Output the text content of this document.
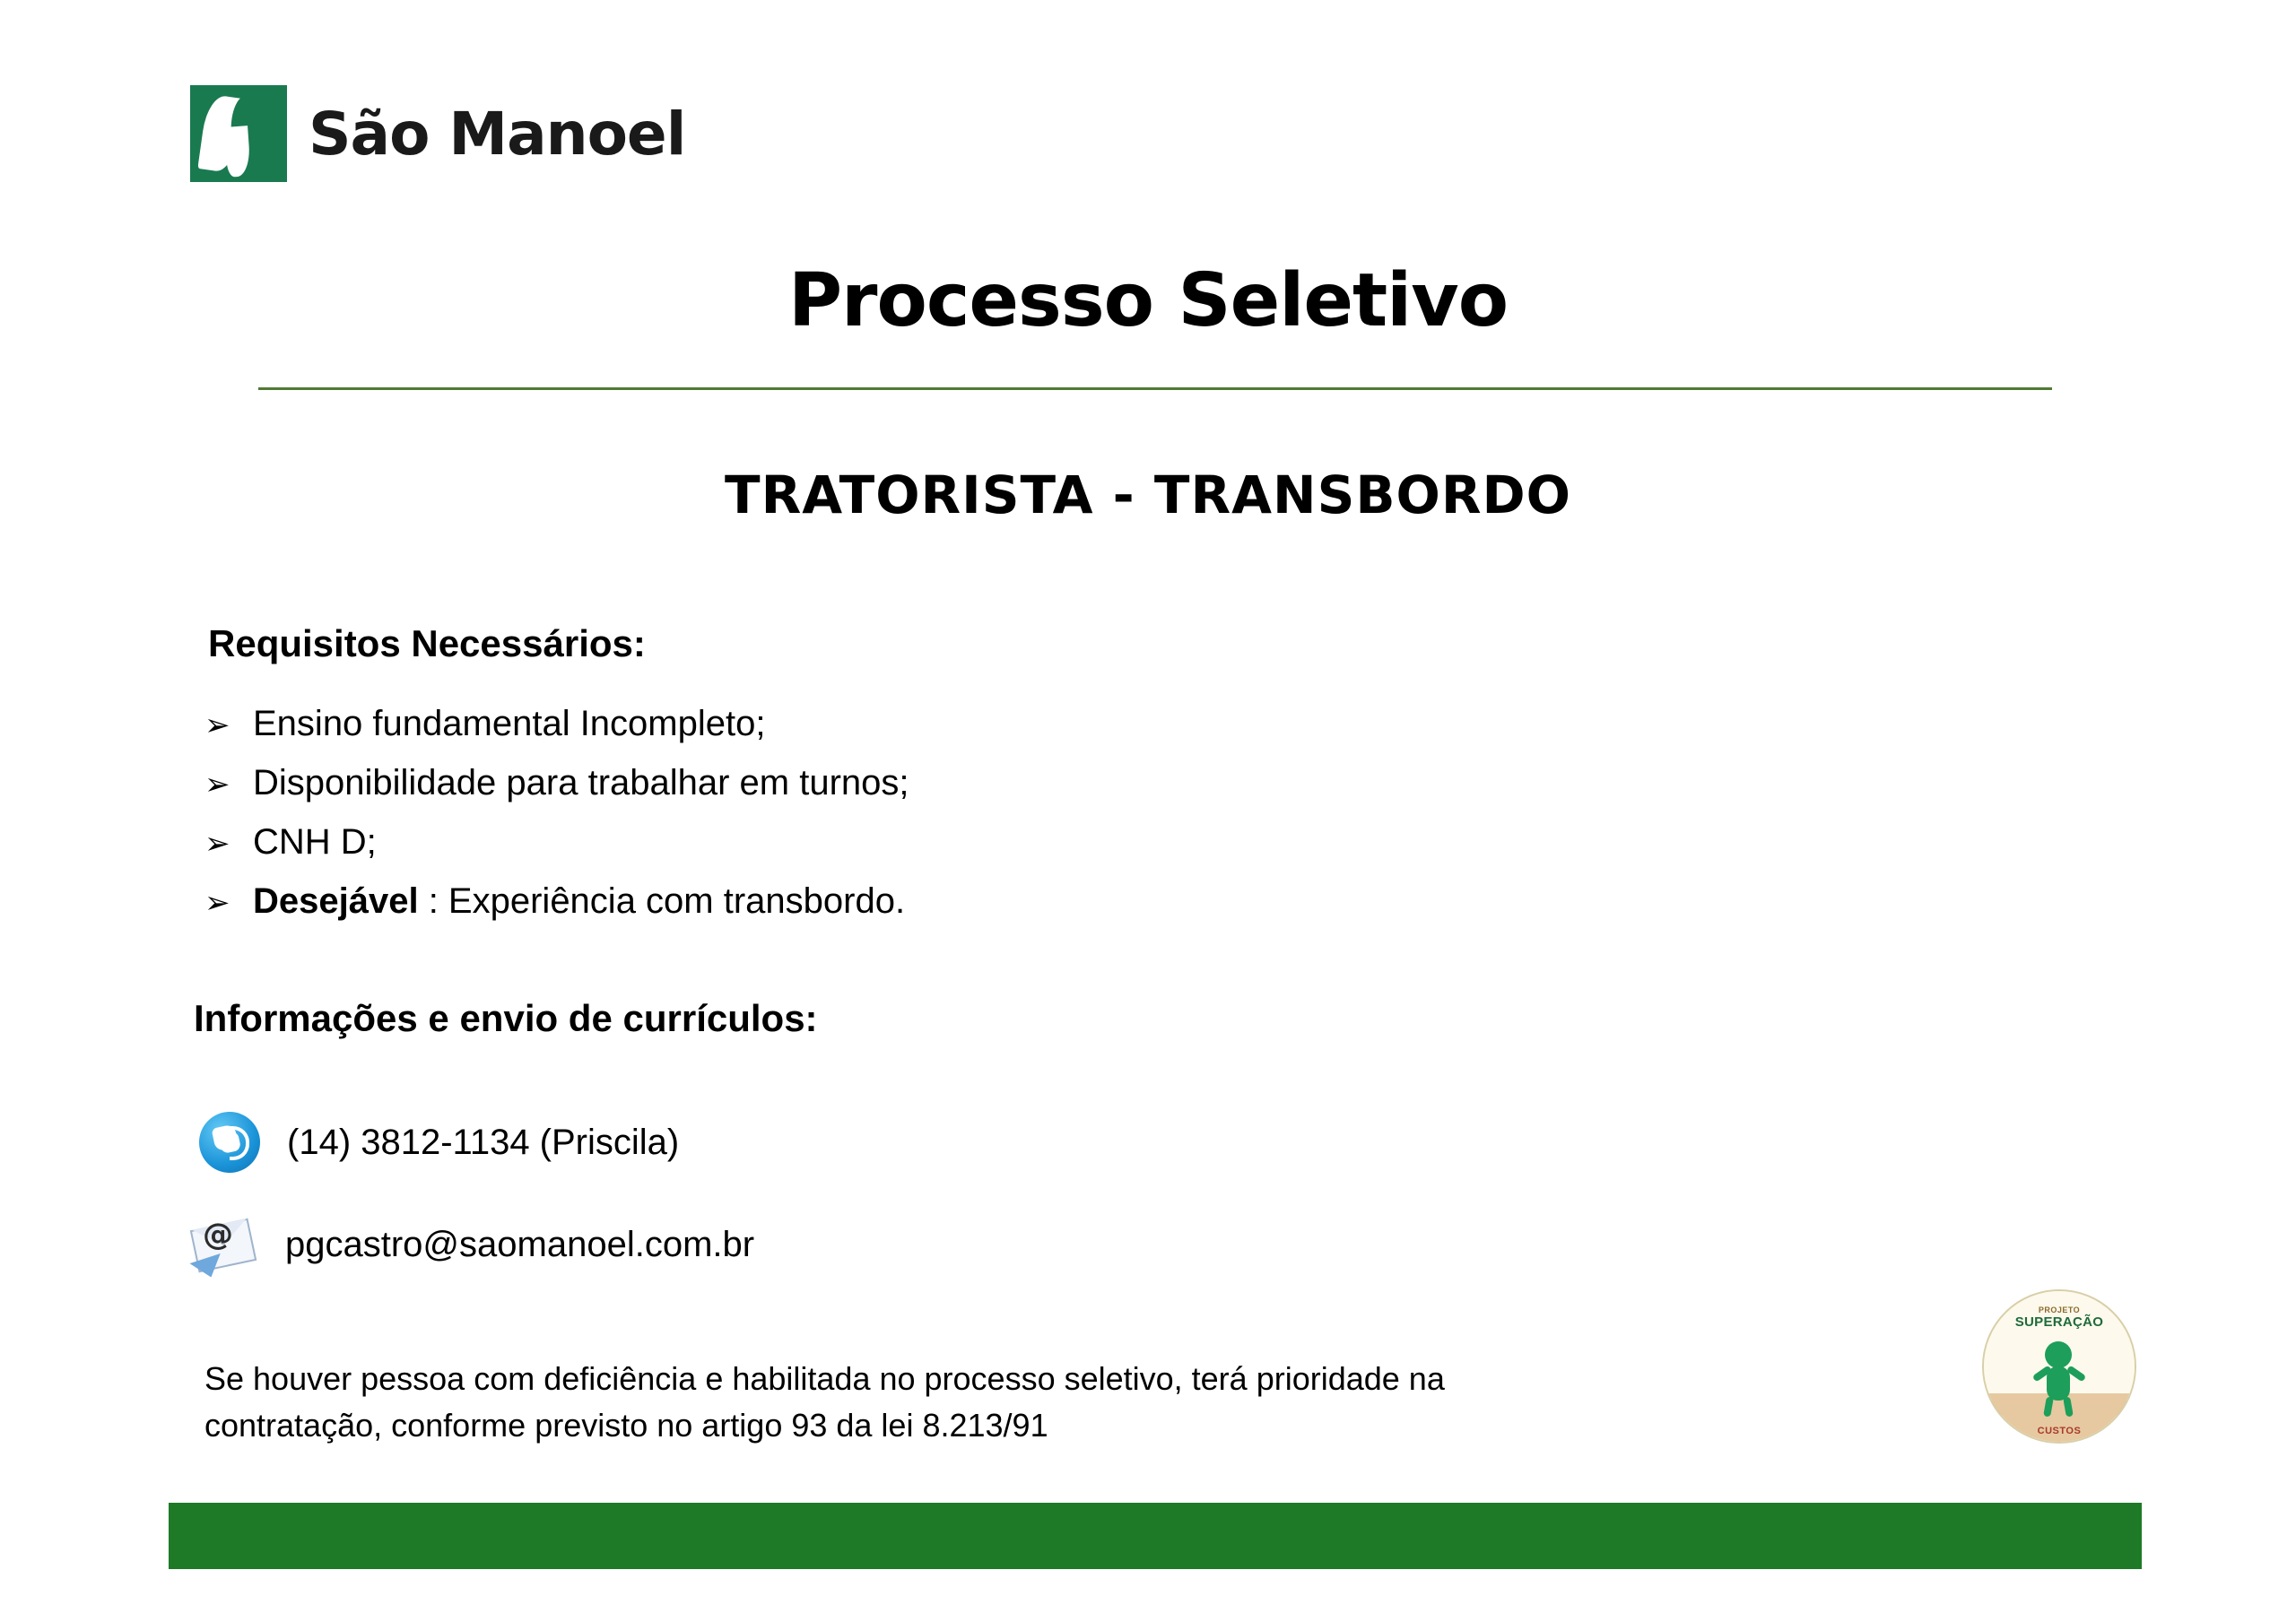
São Manoel
Processo Seletivo
TRATORISTA - TRANSBORDO
Requisitos Necessários:
➢ Ensino fundamental Incompleto;
➢ Disponibilidade para trabalhar em turnos;
➢ CNH D;
➢ Desejável : Experiência com transbordo.
Informações e envio de currículos:
(14) 3812-1134 (Priscila)
@ pgcastro@saomanoel.com.br
Se houver pessoa com deficiência e habilitada no processo seletivo, terá prioridade na contratação, conforme previsto no artigo 93 da lei 8.213/91
PROJETO
SUPERAÇÃO
CUSTOS
